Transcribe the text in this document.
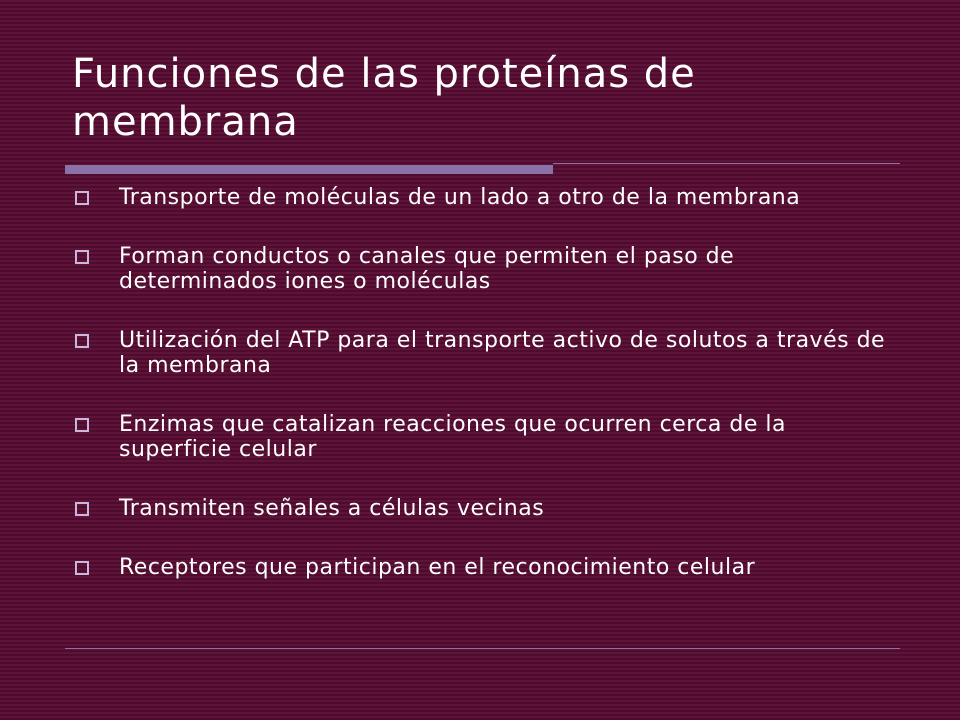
Funciones de las proteínas de membrana
Transporte de moléculas de un lado a otro de la membrana
Forman conductos o canales que permiten el paso de determinados iones o moléculas
Utilización del ATP para el transporte activo de solutos a través de la membrana
Enzimas que catalizan reacciones que ocurren cerca de la superficie celular
Transmiten señales a células vecinas
Receptores que participan en el reconocimiento celular
